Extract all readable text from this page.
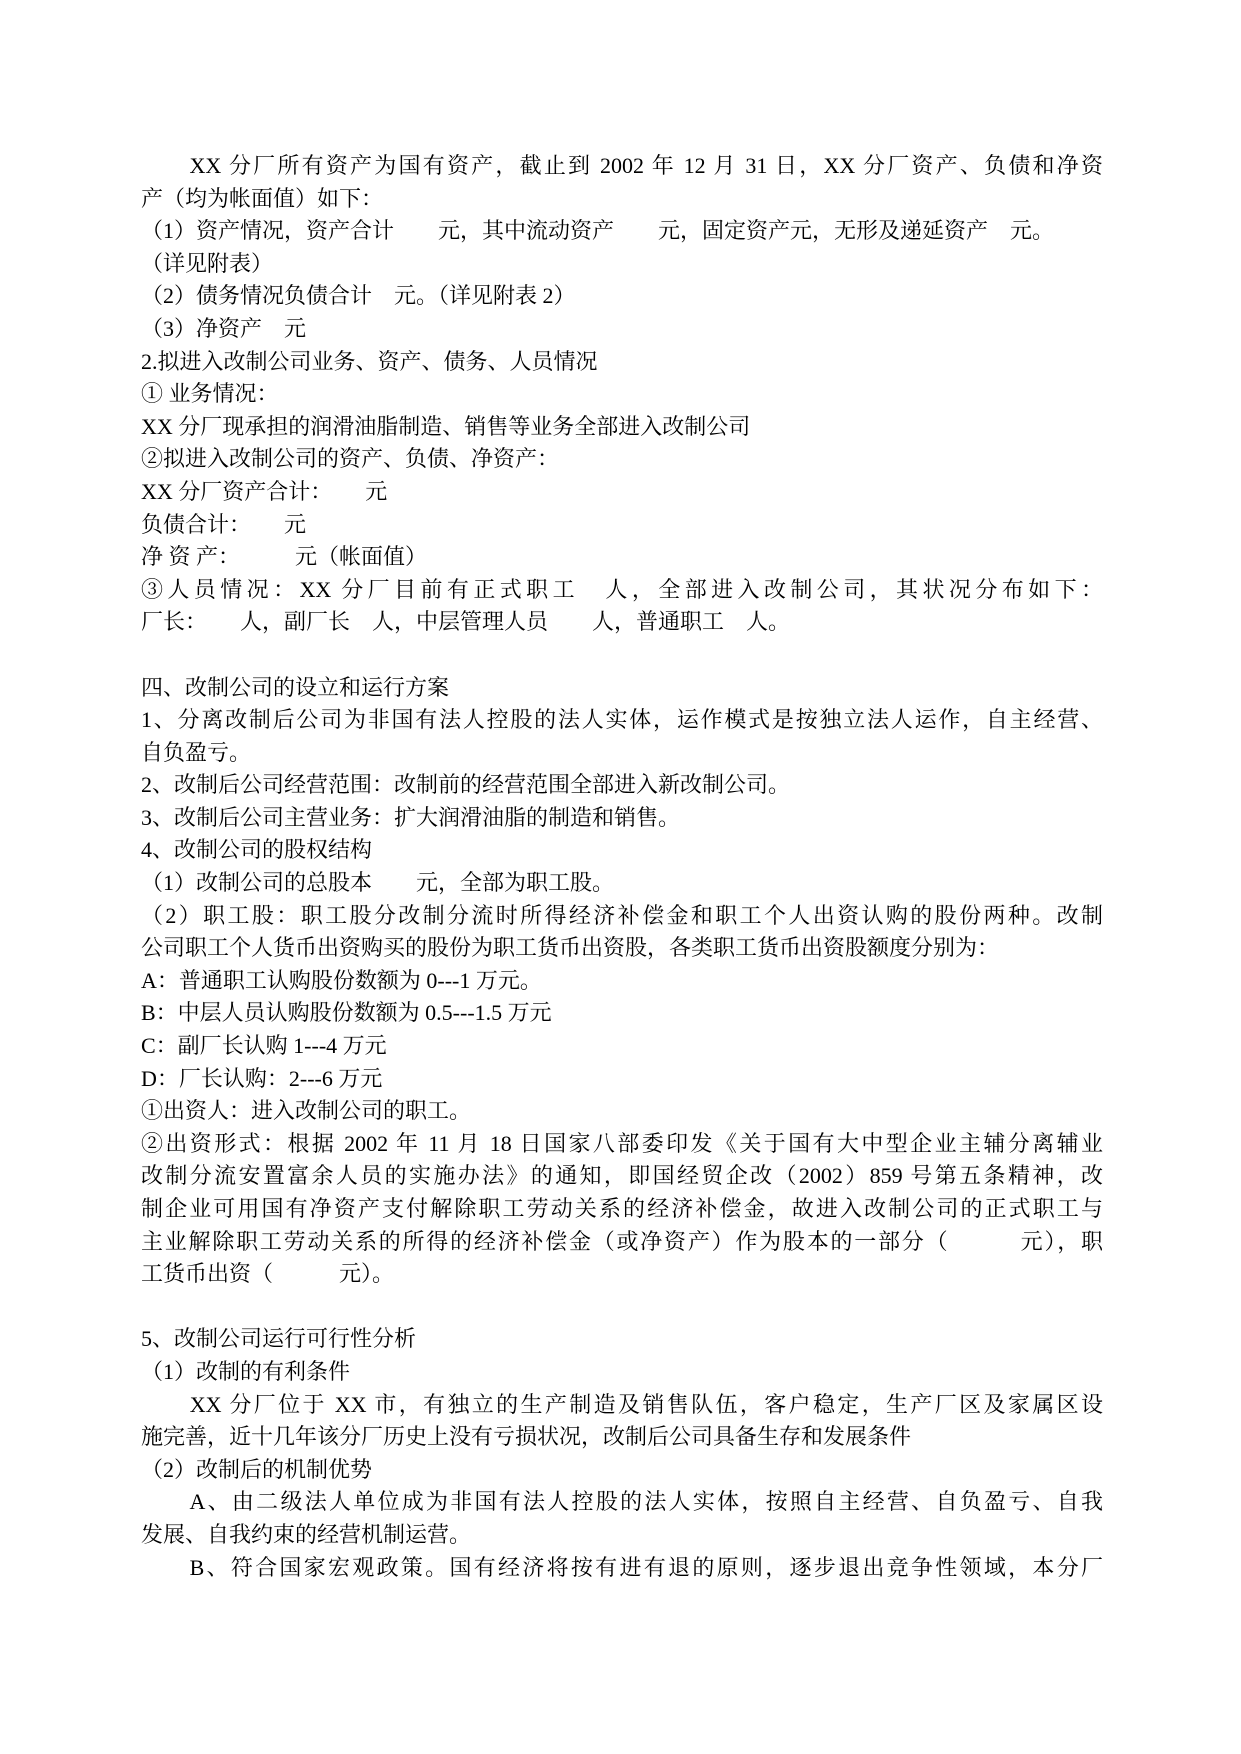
　　XX 分厂所有资产为国有资产，截止到 2002 年 12 月 31 日，XX 分厂资产、负债和净资
产（均为帐面值）如下：
（1）资产情况，资产合计　　元，其中流动资产　　元，固定资产元，无形及递延资产　元。
（详见附表）
（2）债务情况负债合计　元。（详见附表 2）
（3）净资产　元
2.拟进入改制公司业务、资产、债务、人员情况
① 业务情况：
XX 分厂现承担的润滑油脂制造、销售等业务全部进入改制公司
②拟进入改制公司的资产、负债、净资产：
XX 分厂资产合计：　　元
负债合计：　　元
净 资 产：　　　元（帐面值）
③人员情况：XX 分厂目前有正式职工　人，全部进入改制公司，其状况分布如下：
厂长：　　人，副厂长　人，中层管理人员　　人，普通职工　人。
四、改制公司的设立和运行方案
1、分离改制后公司为非国有法人控股的法人实体，运作模式是按独立法人运作，自主经营、
自负盈亏。
2、改制后公司经营范围：改制前的经营范围全部进入新改制公司。
3、改制后公司主营业务：扩大润滑油脂的制造和销售。
4、改制公司的股权结构
（1）改制公司的总股本　　元，全部为职工股。
（2）职工股：职工股分改制分流时所得经济补偿金和职工个人出资认购的股份两种。改制
公司职工个人货币出资购买的股份为职工货币出资股，各类职工货币出资股额度分别为：
A：普通职工认购股份数额为 0---1 万元。
B：中层人员认购股份数额为 0.5---1.5 万元
C：副厂长认购 1---4 万元
D：厂长认购：2---6 万元
①出资人：进入改制公司的职工。
②出资形式：根据 2002 年 11 月 18 日国家八部委印发《关于国有大中型企业主辅分离辅业
改制分流安置富余人员的实施办法》的通知，即国经贸企改（2002）859 号第五条精神，改
制企业可用国有净资产支付解除职工劳动关系的经济补偿金，故进入改制公司的正式职工与
主业解除职工劳动关系的所得的经济补偿金（或净资产）作为股本的一部分（　　　元），职
工货币出资（　　　元）。
5、改制公司运行可行性分析
（1）改制的有利条件
　　XX 分厂位于 XX 市，有独立的生产制造及销售队伍，客户稳定，生产厂区及家属区设
施完善，近十几年该分厂历史上没有亏损状况，改制后公司具备生存和发展条件
（2）改制后的机制优势
　　A、由二级法人单位成为非国有法人控股的法人实体，按照自主经营、自负盈亏、自我
发展、自我约束的经营机制运营。
　　B、符合国家宏观政策。国有经济将按有进有退的原则，逐步退出竞争性领域，本分厂
